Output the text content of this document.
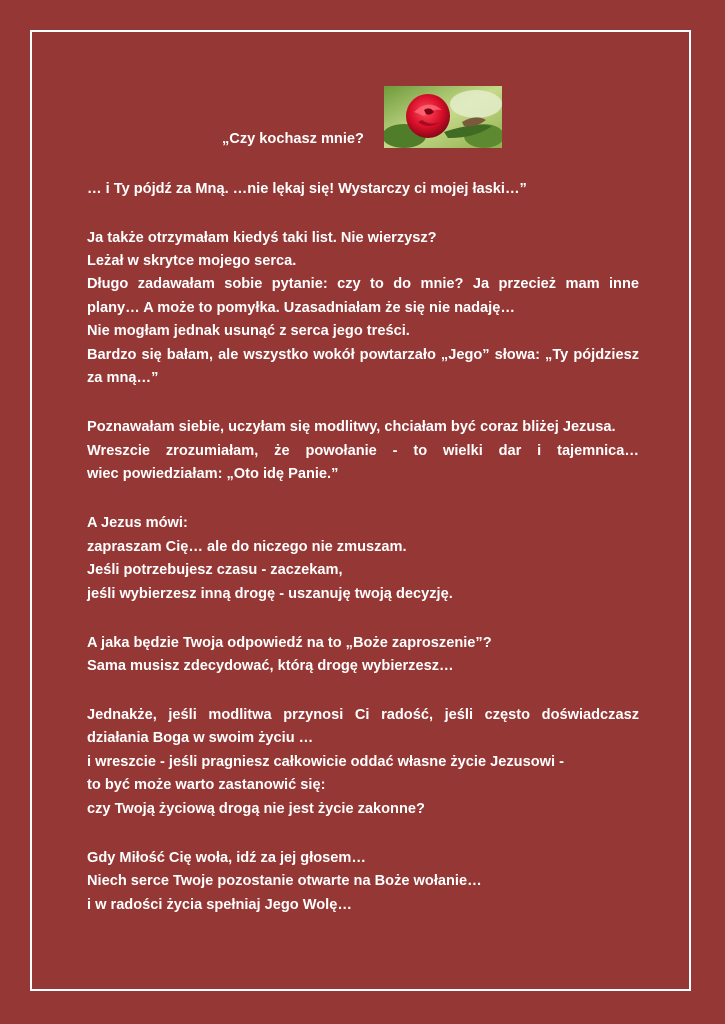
„Czy kochasz mnie?
… i Ty pójdź za Mną. …nie lękaj się! Wystarczy ci mojej łaski…”
Ja także otrzymałam kiedyś taki list. Nie wierzysz?
Leżał w skrytce mojego serca.
Długo zadawałam sobie pytanie: czy to do mnie? Ja przecież mam inne
plany… A może to pomyłka. Uzasadniałam że się nie nadaję…
Nie mogłam jednak usunąć z serca jego treści.
Bardzo się bałam, ale wszystko wokół powtarzało „Jego” słowa: „Ty pójdziesz
za mną…”
Poznawałam siebie, uczyłam się modlitwy, chciałam być coraz bliżej Jezusa.
Wreszcie zrozumiałam, że powołanie - to wielki dar i tajemnica…
wiec powiedziałam: „Oto idę Panie.”
A Jezus mówi:
zapraszam Cię… ale do niczego nie zmuszam.
Jeśli potrzebujesz czasu - zaczekam,
jeśli wybierzesz inną drogę - uszanuję twoją decyzję.
A jaka będzie Twoja odpowiedź na to „Boże zaproszenie”?
Sama musisz zdecydować, którą drogę wybierzesz…
Jednakże, jeśli modlitwa przynosi Ci radość, jeśli często doświadczasz
działania Boga w swoim życiu …
i wreszcie - jeśli pragniesz całkowicie oddać własne życie Jezusowi -
to być może warto zastanowić się:
czy Twoją życiową drogą nie jest życie zakonne?
Gdy Miłość Cię woła, idź za jej głosem…
Niech serce Twoje pozostanie otwarte na Boże wołanie…
i w radości życia spełniaj Jego Wolę…
